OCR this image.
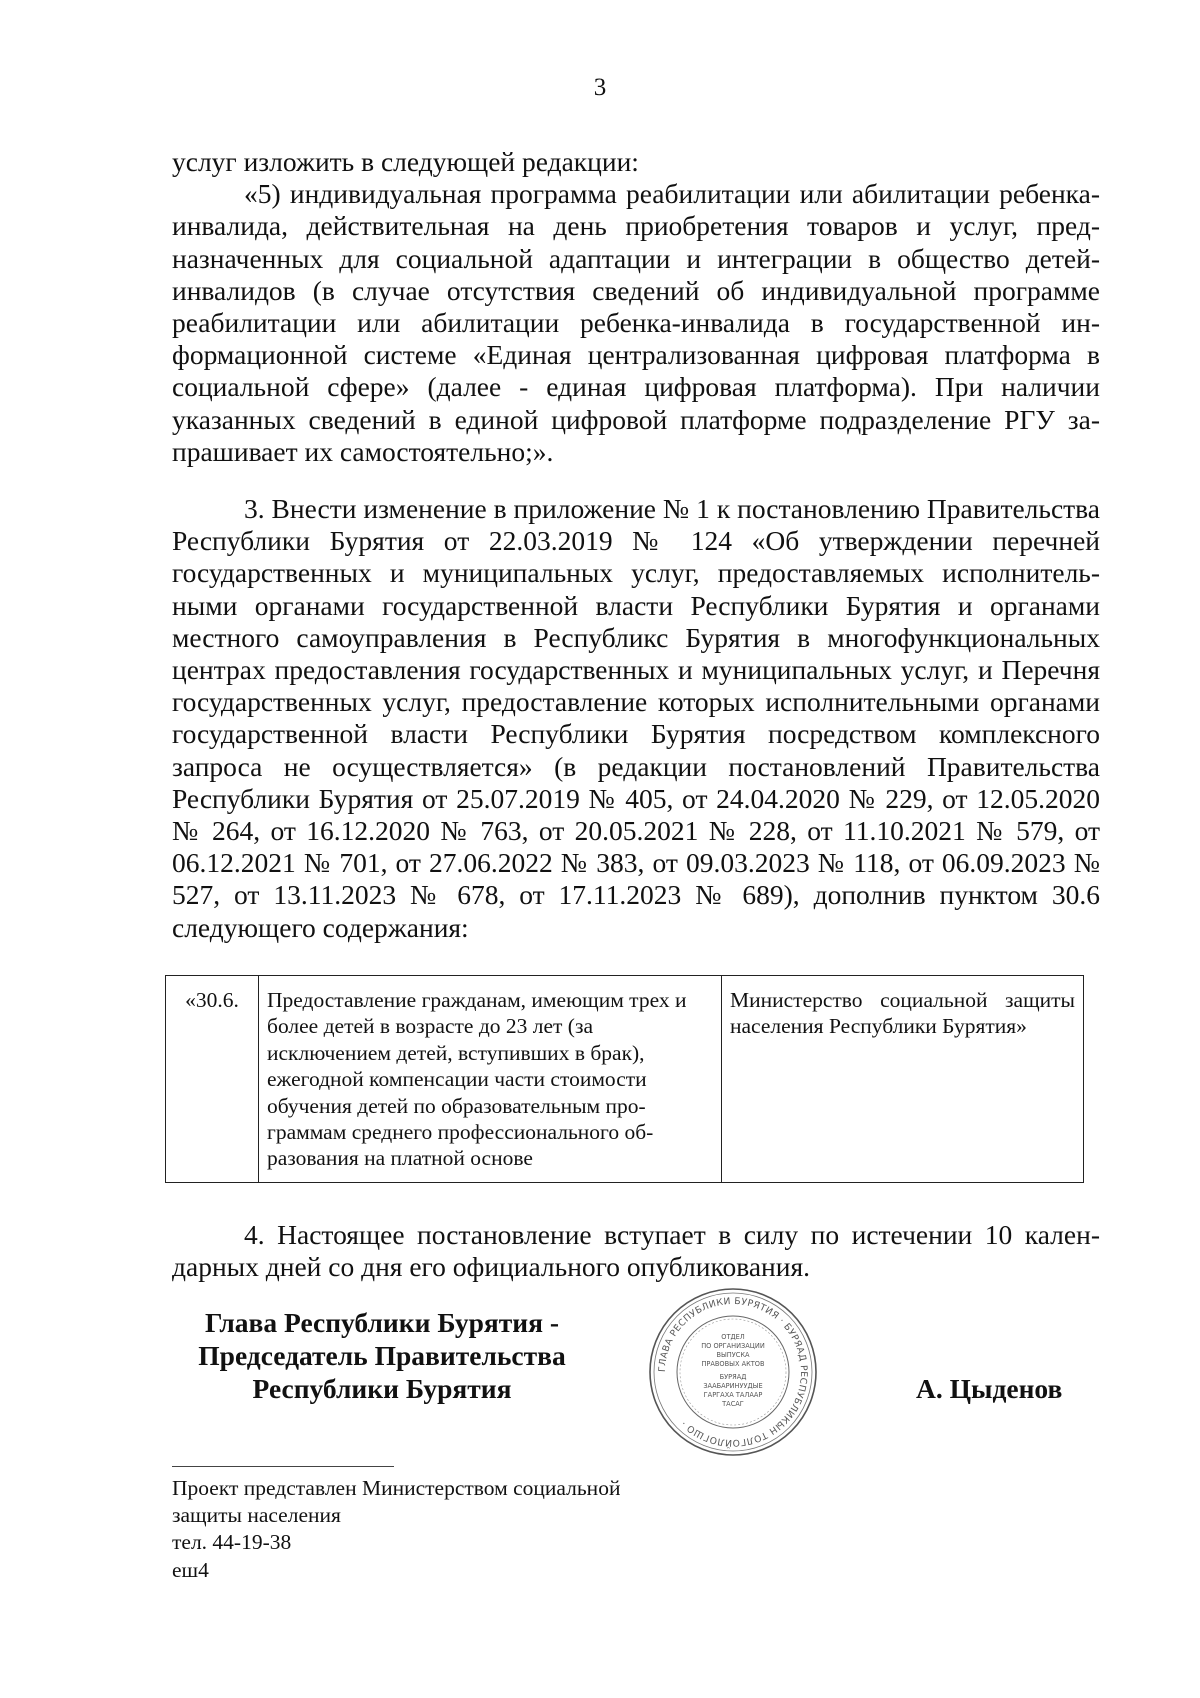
3

услуг изложить в следующей редакции:

«5) индивидуальная программа реабилитации или абилитации ребенка-инвалида, действительная на день приобретения товаров и услуг, предназначенных для социальной адаптации и интеграции в общество детей-инвалидов (в случае отсутствия сведений об индивидуальной программе реабилитации или абилитации ребенка-инвалида в государственной информационной системе «Единая централизованная цифровая платформа в социальной сфере» (далее - единая цифровая платформа). При наличии указанных сведений в единой цифровой платформе подразделение РГУ запрашивает их самостоятельно;».

3. Внести изменение в приложение № 1 к постановлению Правительства Республики Бурятия от 22.03.2019 № 124 «Об утверждении перечней государственных и муниципальных услуг, предоставляемых исполнительными органами государственной власти Республики Бурятия и органами местного самоуправления в Республикс Бурятия в многофункциональных центрах предоставления государственных и муниципальных услуг, и Перечня государственных услуг, предоставление которых исполнительными органами государственной власти Республики Бурятия посредством комплексного запроса не осуществляется» (в редакции постановлений Правительства Республики Бурятия от 25.07.2019 № 405, от 24.04.2020 № 229, от 12.05.2020 № 264, от 16.12.2020 № 763, от 20.05.2021 № 228, от 11.10.2021 № 579, от 06.12.2021 № 701, от 27.06.2022 № 383, от 09.03.2023 № 118, от 06.09.2023 № 527, от 13.11.2023 № 678, от 17.11.2023 № 689), дополнив пунктом 30.6 следующего содержания:

«30.6.	Предоставление гражданам, имеющим трех и более детей в возрасте до 23 лет (за исключением детей, вступивших в брак), ежегодной компенсации части стоимости обучения детей по образовательным программам среднего профессионального образования на платной основе	Министерство социальной защиты населения Республики Бурятия»

4. Настоящее постановление вступает в силу по истечении 10 календарных дней со дня его официального опубликования.

Глава Республики Бурятия -
Председатель Правительства
Республики Бурятия
ГЛАВА РЕСПУБЛИКИ БУРЯТИЯ · БУРЯАД РЕСПУБЛИКЫН ТОЛГОЙЛОГШО ·
ОТДЕЛ
ПО ОРГАНИЗАЦИИ
ВЫПУСКА
ПРАВОВЫХ АКТОВ
БУРЯАД
ЗААБАРИНУУДЫЕ
ГАРГАХА ТАЛААР
ТАСАГ	А. Цыденов
Проект представлен Министерством социальной
защиты населения
тел. 44-19-38
еш4
